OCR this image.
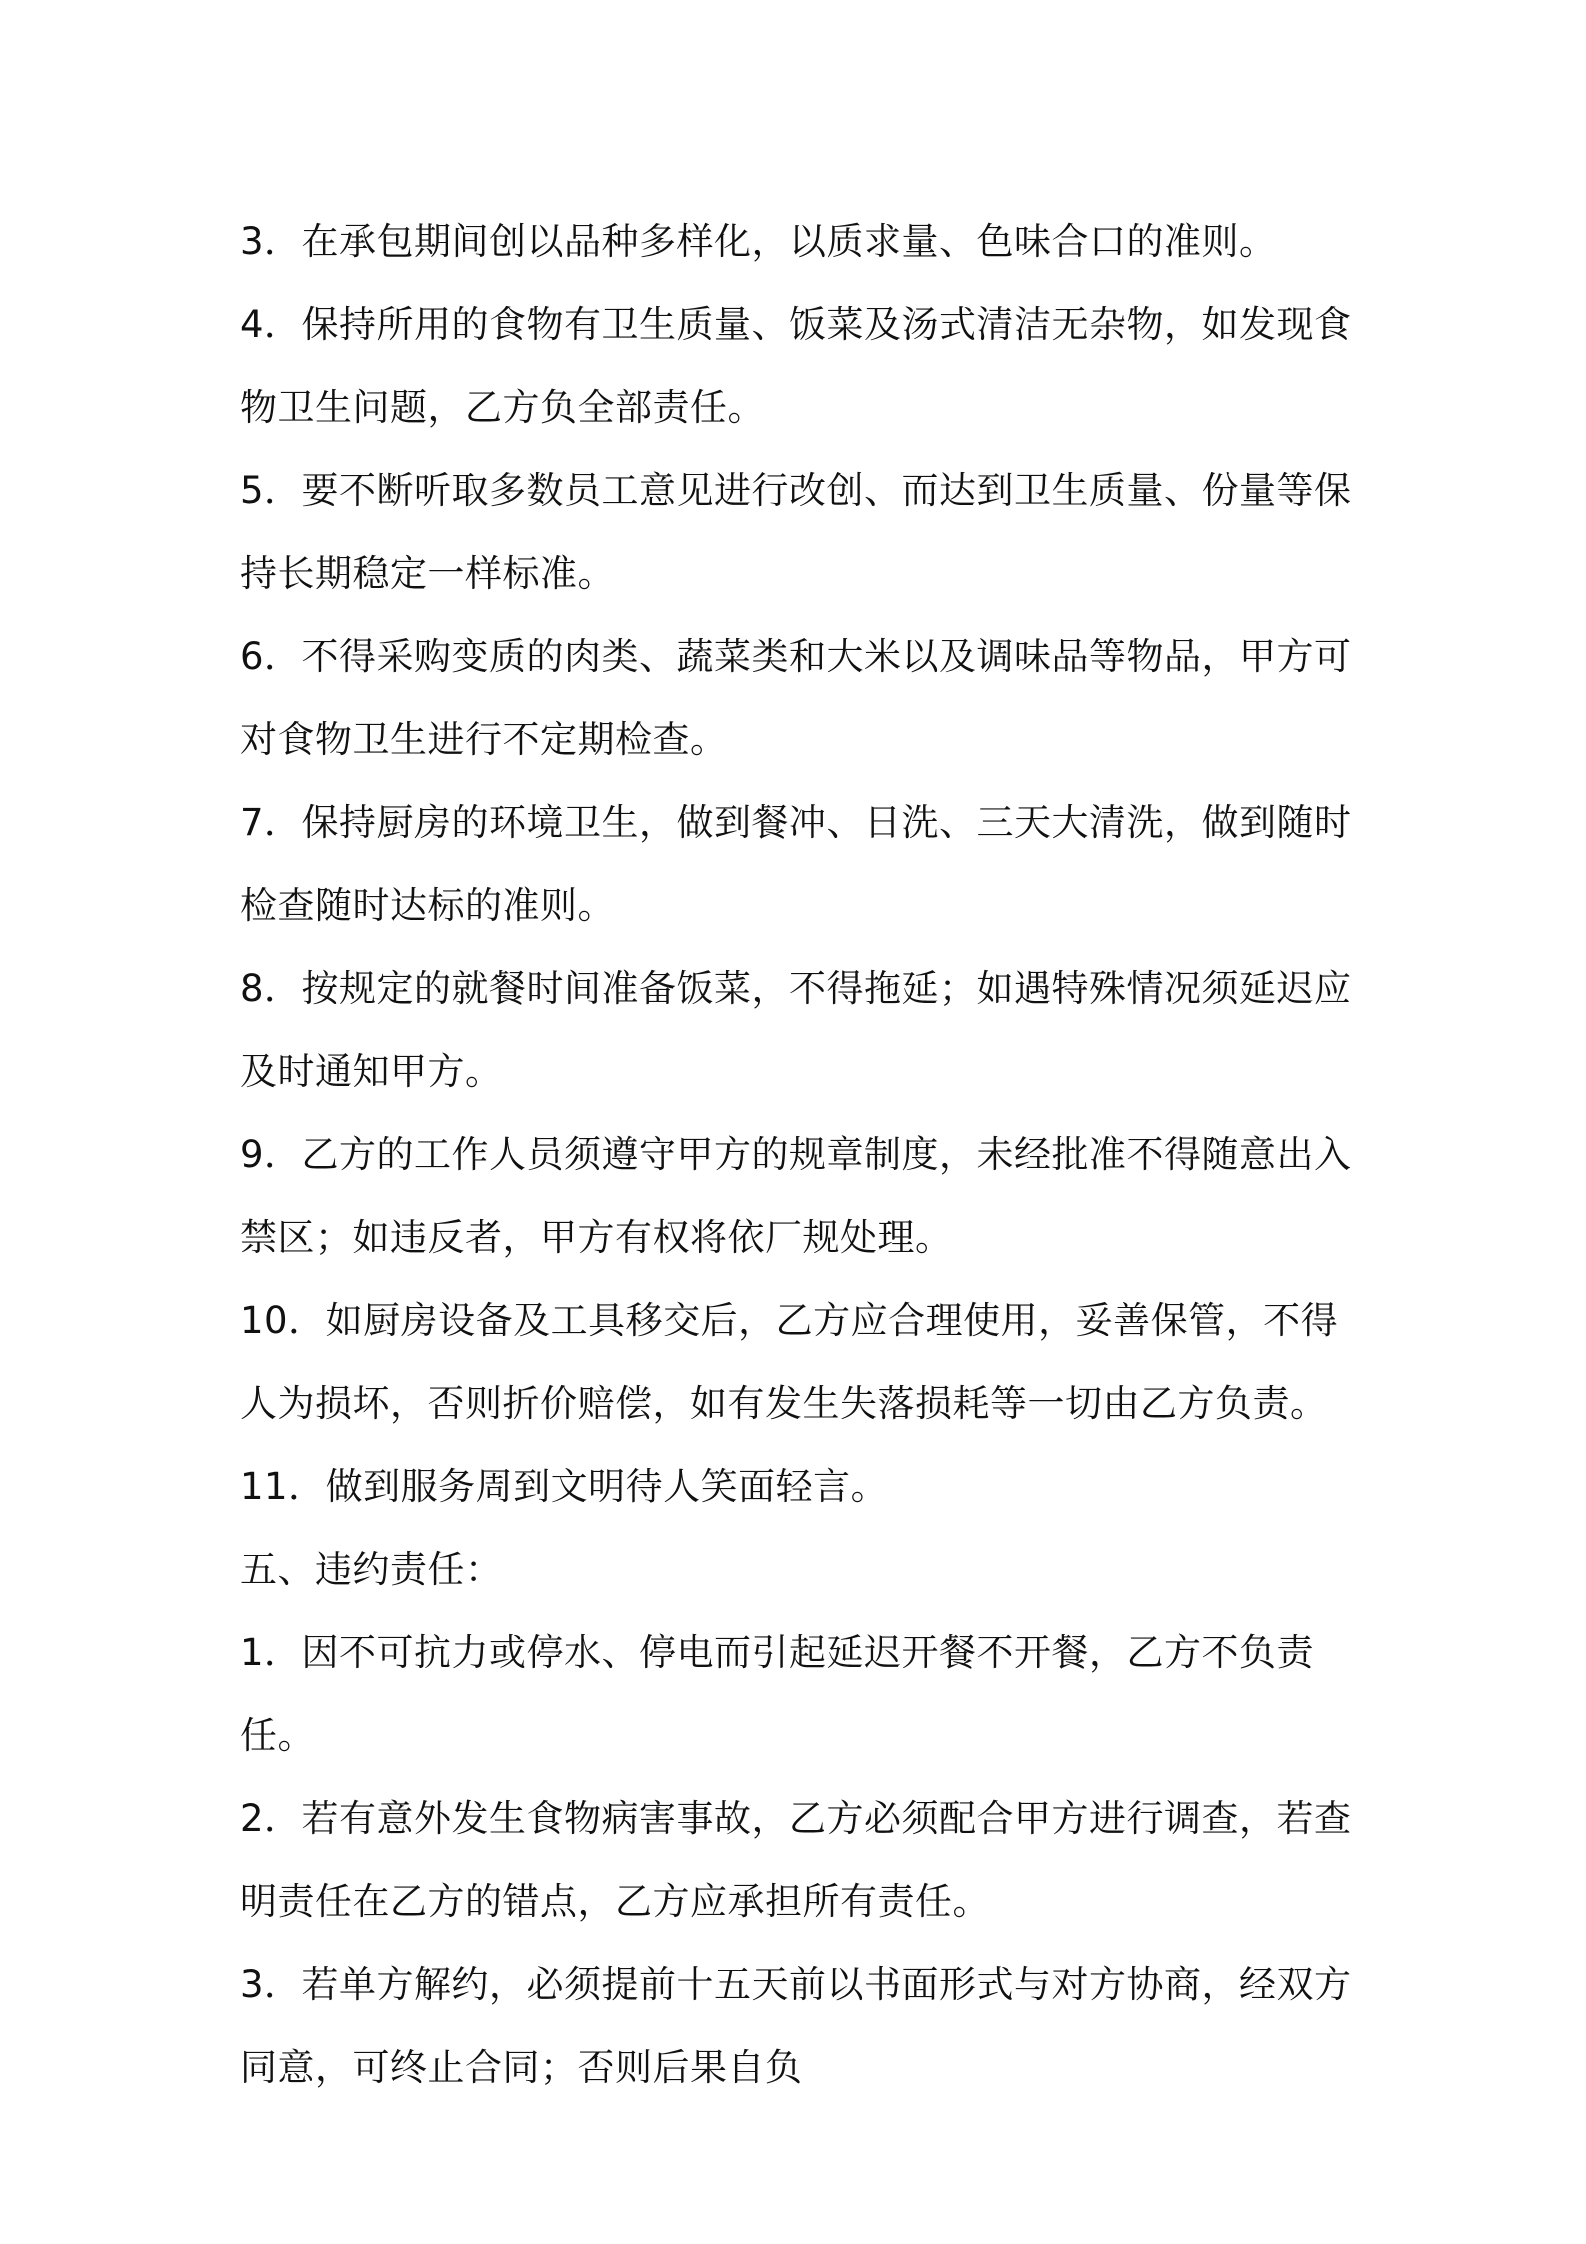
3．在承包期间创以品种多样化，以质求量、色味合口的准则。

4．保持所用的食物有卫生质量、饭菜及汤式清洁无杂物，如发现食物卫生问题，乙方负全部责任。

5．要不断听取多数员工意见进行改创、而达到卫生质量、份量等保持长期稳定一样标准。

6．不得采购变质的肉类、蔬菜类和大米以及调味品等物品，甲方可对食物卫生进行不定期检查。

7．保持厨房的环境卫生，做到餐冲、日洗、三天大清洗，做到随时检查随时达标的准则。

8．按规定的就餐时间准备饭菜，不得拖延；如遇特殊情况须延迟应及时通知甲方。

9．乙方的工作人员须遵守甲方的规章制度，未经批准不得随意出入禁区；如违反者，甲方有权将依厂规处理。

10．如厨房设备及工具移交后，乙方应合理使用，妥善保管，不得人为损坏，否则折价赔偿，如有发生失落损耗等一切由乙方负责。

11．做到服务周到文明待人笑面轻言。

五、违约责任：

1．因不可抗力或停水、停电而引起延迟开餐不开餐，乙方不负责任。

2．若有意外发生食物病害事故，乙方必须配合甲方进行调查，若查明责任在乙方的错点，乙方应承担所有责任。

3．若单方解约，必须提前十五天前以书面形式与对方协商，经双方同意，可终止合同；否则后果自负
